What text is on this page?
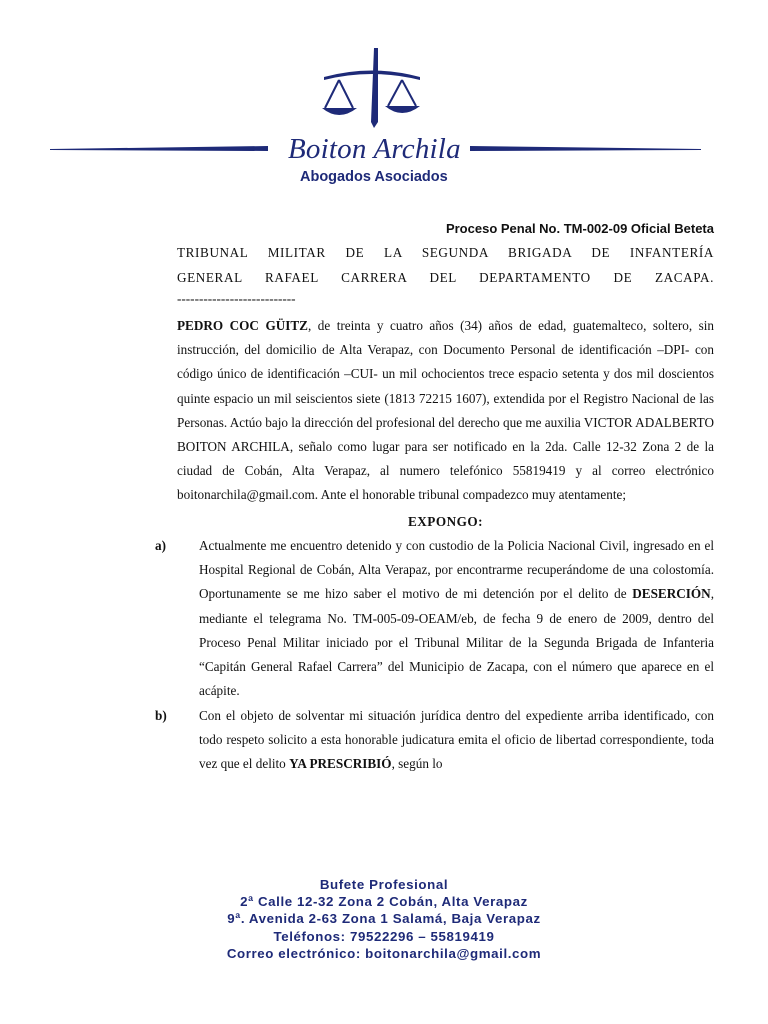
Boiton Archila
Abogados Asociados
Proceso Penal No. TM-002-09 Oficial Beteta
TRIBUNAL MILITAR DE LA SEGUNDA BRIGADA DE INFANTERÍA
GENERAL RAFAEL CARRERA DEL DEPARTAMENTO DE ZACAPA.
---------------------------

PEDRO COC GÜITZ, de treinta y cuatro años (34) años de edad, guatemalteco, soltero, sin instrucción, del domicilio de Alta Verapaz, con Documento Personal de identificación –DPI- con código único de identificación –CUI- un mil ochocientos trece espacio setenta y dos mil doscientos quinte espacio un mil seiscientos siete (1813 72215 1607), extendida por el Registro Nacional de las Personas. Actúo bajo la dirección del profesional del derecho que me auxilia VICTOR ADALBERTO BOITON ARCHILA, señalo como lugar para ser notificado en la 2da. Calle 12-32 Zona 2 de la ciudad de Cobán, Alta Verapaz, al numero telefónico 55819419 y al correo electrónico boitonarchila@gmail.com. Ante el honorable tribunal compadezco muy atentamente;

EXPONGO:

a)	Actualmente me encuentro detenido y con custodio de la Policia Nacional Civil, ingresado en el Hospital Regional de Cobán, Alta Verapaz, por encontrarme recuperándome de una colostomía. Oportunamente se me hizo saber el motivo de mi detención por el delito de DESERCIÓN, mediante el telegrama No. TM-005-09-OEAM/eb, de fecha 9 de enero de 2009, dentro del Proceso Penal Militar iniciado por el Tribunal Militar de la Segunda Brigada de Infanteria “Capitán General Rafael Carrera” del Municipio de Zacapa, con el número que aparece en el acápite.
b) Con el objeto de solventar mi situación jurídica dentro del expediente arriba identificado, con todo respeto solicito a esta honorable judicatura emita el oficio de libertad correspondiente, toda vez que el delito YA PRESCRIBIÓ, según lo
Bufete Profesional
2ª Calle 12-32 Zona 2 Cobán, Alta Verapaz
9ª. Avenida 2-63 Zona 1 Salamá, Baja Verapaz
Teléfonos: 79522296 – 55819419
Correo electrónico: boitonarchila@gmail.com
